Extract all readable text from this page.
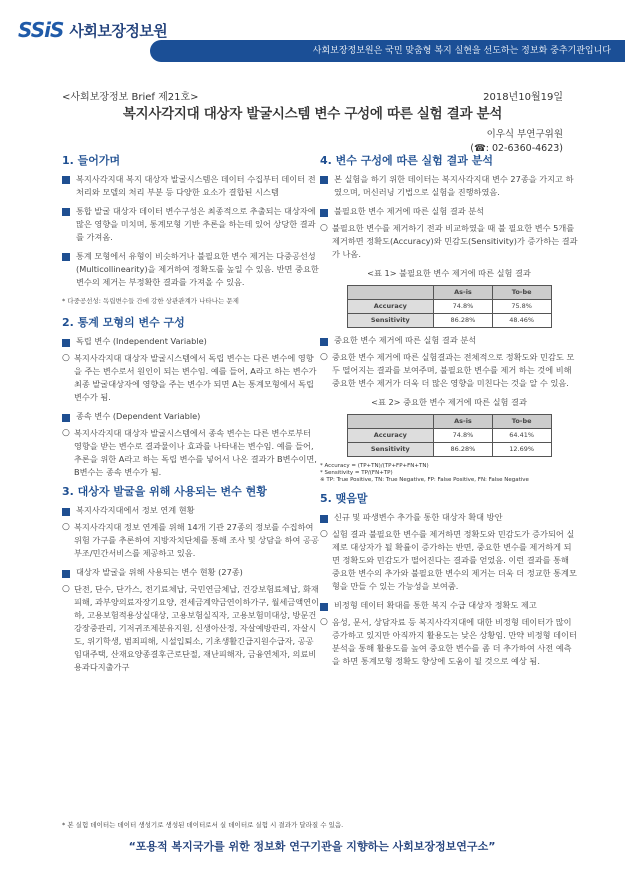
SSiS 사회보장정보원
사회보장정보원은 국민 맞춤형 복지 실현을 선도하는 정보화 중추기관입니다
<사회보장정보 Brief 제21호>	2018년10월19일
복지사각지대 대상자 발굴시스템 변수 구성에 따른 실험 결과 분석
이우식 부연구위원
(☎: 02-6360-4623)
1. 들어가며
복지사각지대 복지 대상자 발굴시스템은 데이터 수집부터 데이터 전처리와 모델의 처리 부분 등 다양한 요소가 결합된 시스템
통합 발굴 대상자 데이터 변수구성은 최종적으로 추출되는 대상자에 많은 영향을 미치며, 통계모형 기반 추론을 하는데 있어 상당한 결과를 가져옴.
통계 모형에서 유형이 비슷하거나 불필요한 변수 제거는 다중공선성(Multicollinearity)을 제거하여 정확도를 높일 수 있음. 반면 중요한 변수의 제거는 부정확한 결과를 가져올 수 있음.
* 다중공선성: 독립변수들 간에 강한 상관관계가 나타나는 문제
2. 통계 모형의 변수 구성
독립 변수 (Independent Variable)
○ 복지사각지대 대상자 발굴시스템에서 독립 변수는 다른 변수에 영향을 주는 변수로서 원인이 되는 변수임. 예를 들어, A라고 하는 변수가 최종 발굴대상자에 영향을 주는 변수가 되면 A는 통계모형에서 독립변수가 됨.
종속 변수 (Dependent Variable)
○ 복지사각지대 대상자 발굴시스템에서 종속 변수는 다른 변수로부터 영향을 받는 변수로 결과물이나 효과를 나타내는 변수임. 예를 들어, 추론을 위한 A라고 하는 독립 변수를 넣어서 나온 결과가 B변수이면, B변수는 종속 변수가 됨.
3. 대상자 발굴을 위해 사용되는 변수 현황
복지사각지대에서 정보 연계 현황
○ 복지사각지대 정보 연계를 위해 14개 기관 27종의 정보를 수집하여 위험 가구를 추론하여 지방자치단체를 통해 조사 및 상담을 하여 공공부조/민간서비스를 제공하고 있음.
대상자 발굴을 위해 사용되는 변수 현황 (27종)
○ 단전, 단수, 단가스, 전기료체납, 국민연금체납, 건강보험료체납, 화재피해, 과부양의료자장기요양, 전세금계약금연이하가구, 월세금액연이하, 고용보험적용상실대상, 고용보험실직자, 고용보험미대상, 방문건강장중관리, 기저귀조제분유지원, 신생아산정, 자살예방관리, 자살시도, 위기학생, 범죄피해, 시설입퇴소, 기초생활긴급지원수급자, 공공임대주택, 산재요양종결후근로단절, 재난피해자, 금융연체자, 의료비용과다지출가구
4. 변수 구성에 따른 실험 결과 분석
본 실험을 하기 위한 데이터는 복지사각지대 변수 27종을 가지고 하였으며, 머신러닝 기법으로 실험을 진행하였음.
불필요한 변수 제거에 따른 실험 결과 분석
○ 불필요한 변수를 제거하기 전과 비교하였을 때 불 필요한 변수 5개를 제거하면 정확도(Accuracy)와 민감도(Sensitivity)가 증가하는 결과가 나옴.
<표 1> 불필요한 변수 제거에 따른 실험 결과
	As-is	To-be
Accuracy	74.8%	75.8%
Sensitivity	86.28%	48.46%
중요한 변수 제거에 따른 실험 결과 분석
○ 중요한 변수 제거에 따른 실험결과는 전체적으로 정확도와 민감도 모두 떨어지는 결과를 보여주며, 불필요한 변수를 제거 하는 것에 비해 중요한 변수 제거가 더욱 더 많은 영향을 미친다는 것을 알 수 있음.
<표 2> 중요한 변수 제거에 따른 실험 결과
	As-is	To-be
Accuracy	74.8%	64.41%
Sensitivity	86.28%	12.69%
* Accuracy = (TP+TN)/(TP+FP+FN+TN)
* Sensitivity = TP/(FN+TP)
※ TP: True Positive, TN: True Negative, FP: False Positive, FN: False Negative
5. 맺음말
신규 및 파생변수 추가를 통한 대상자 확대 방안
○ 실험 결과 불필요한 변수를 제거하면 정확도와 민감도가 증가되어 실제로 대상자가 될 확률이 증가하는 반면, 중요한 변수를 제거하게 되면 정확도와 민감도가 떨어진다는 결과를 얻었음. 이런 결과를 통해 중요한 변수의 추가와 불필요한 변수의 제거는 더욱 더 정교한 통계모형을 만들 수 있는 가능성을 보여줌.
비정형 데이터 확대를 통한 복지 수급 대상자 정확도 제고
○ 음성, 문서, 상담자료 등 복지사각지대에 대한 비정형 데이터가 많이 증가하고 있지만 아직까지 활용도는 낮은 상황임. 만약 비정형 데이터 분석을 통해 활용도를 높여 중요한 변수를 좀 더 추가하여 사전 예측을 하면 통계모형 정확도 향상에 도움이 될 것으로 예상 됨.
* 본 실험 데이터는 데이터 생성기로 생성된 데이터로서 실 데이터로 실험 시 결과가 달라질 수 있음.
“포용적 복지국가를 위한 정보화 연구기관을 지향하는 사회보장정보연구소”
